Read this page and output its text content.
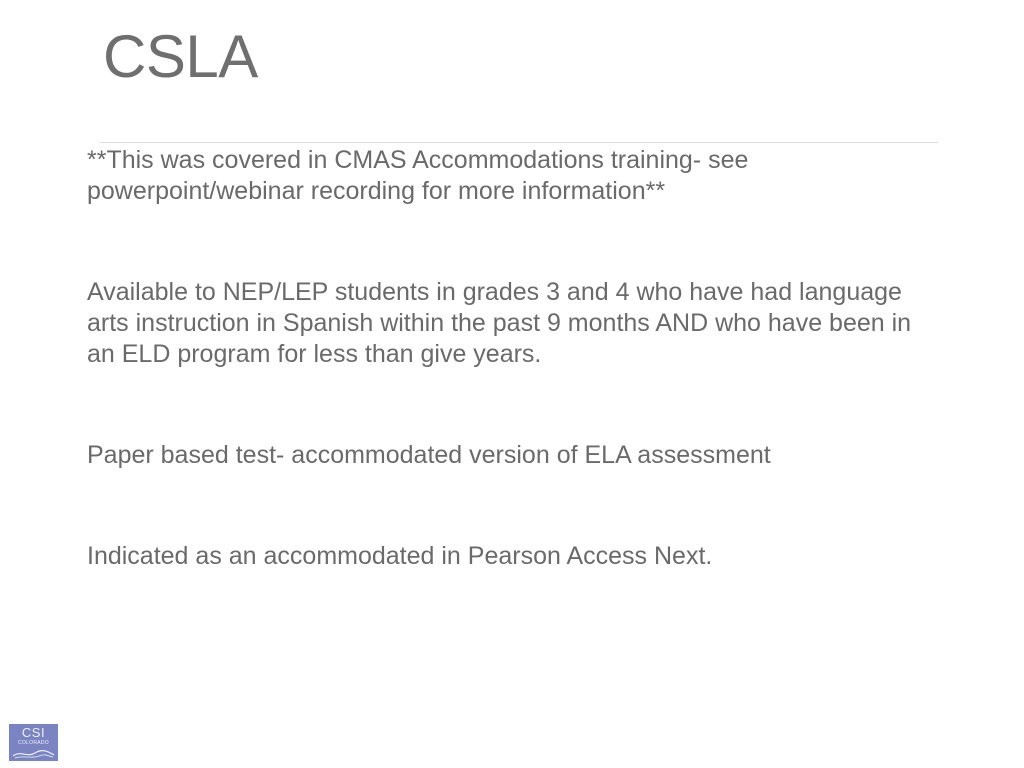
CSLA
**This was covered in CMAS Accommodations training- see powerpoint/webinar recording for more information**
Available to NEP/LEP students in grades 3 and 4 who have had language arts instruction in Spanish within the past 9 months AND who have been in an ELD program for less than give years.
Paper based test- accommodated version of ELA assessment
Indicated as an accommodated in Pearson Access Next.
CSI
COLORADO
